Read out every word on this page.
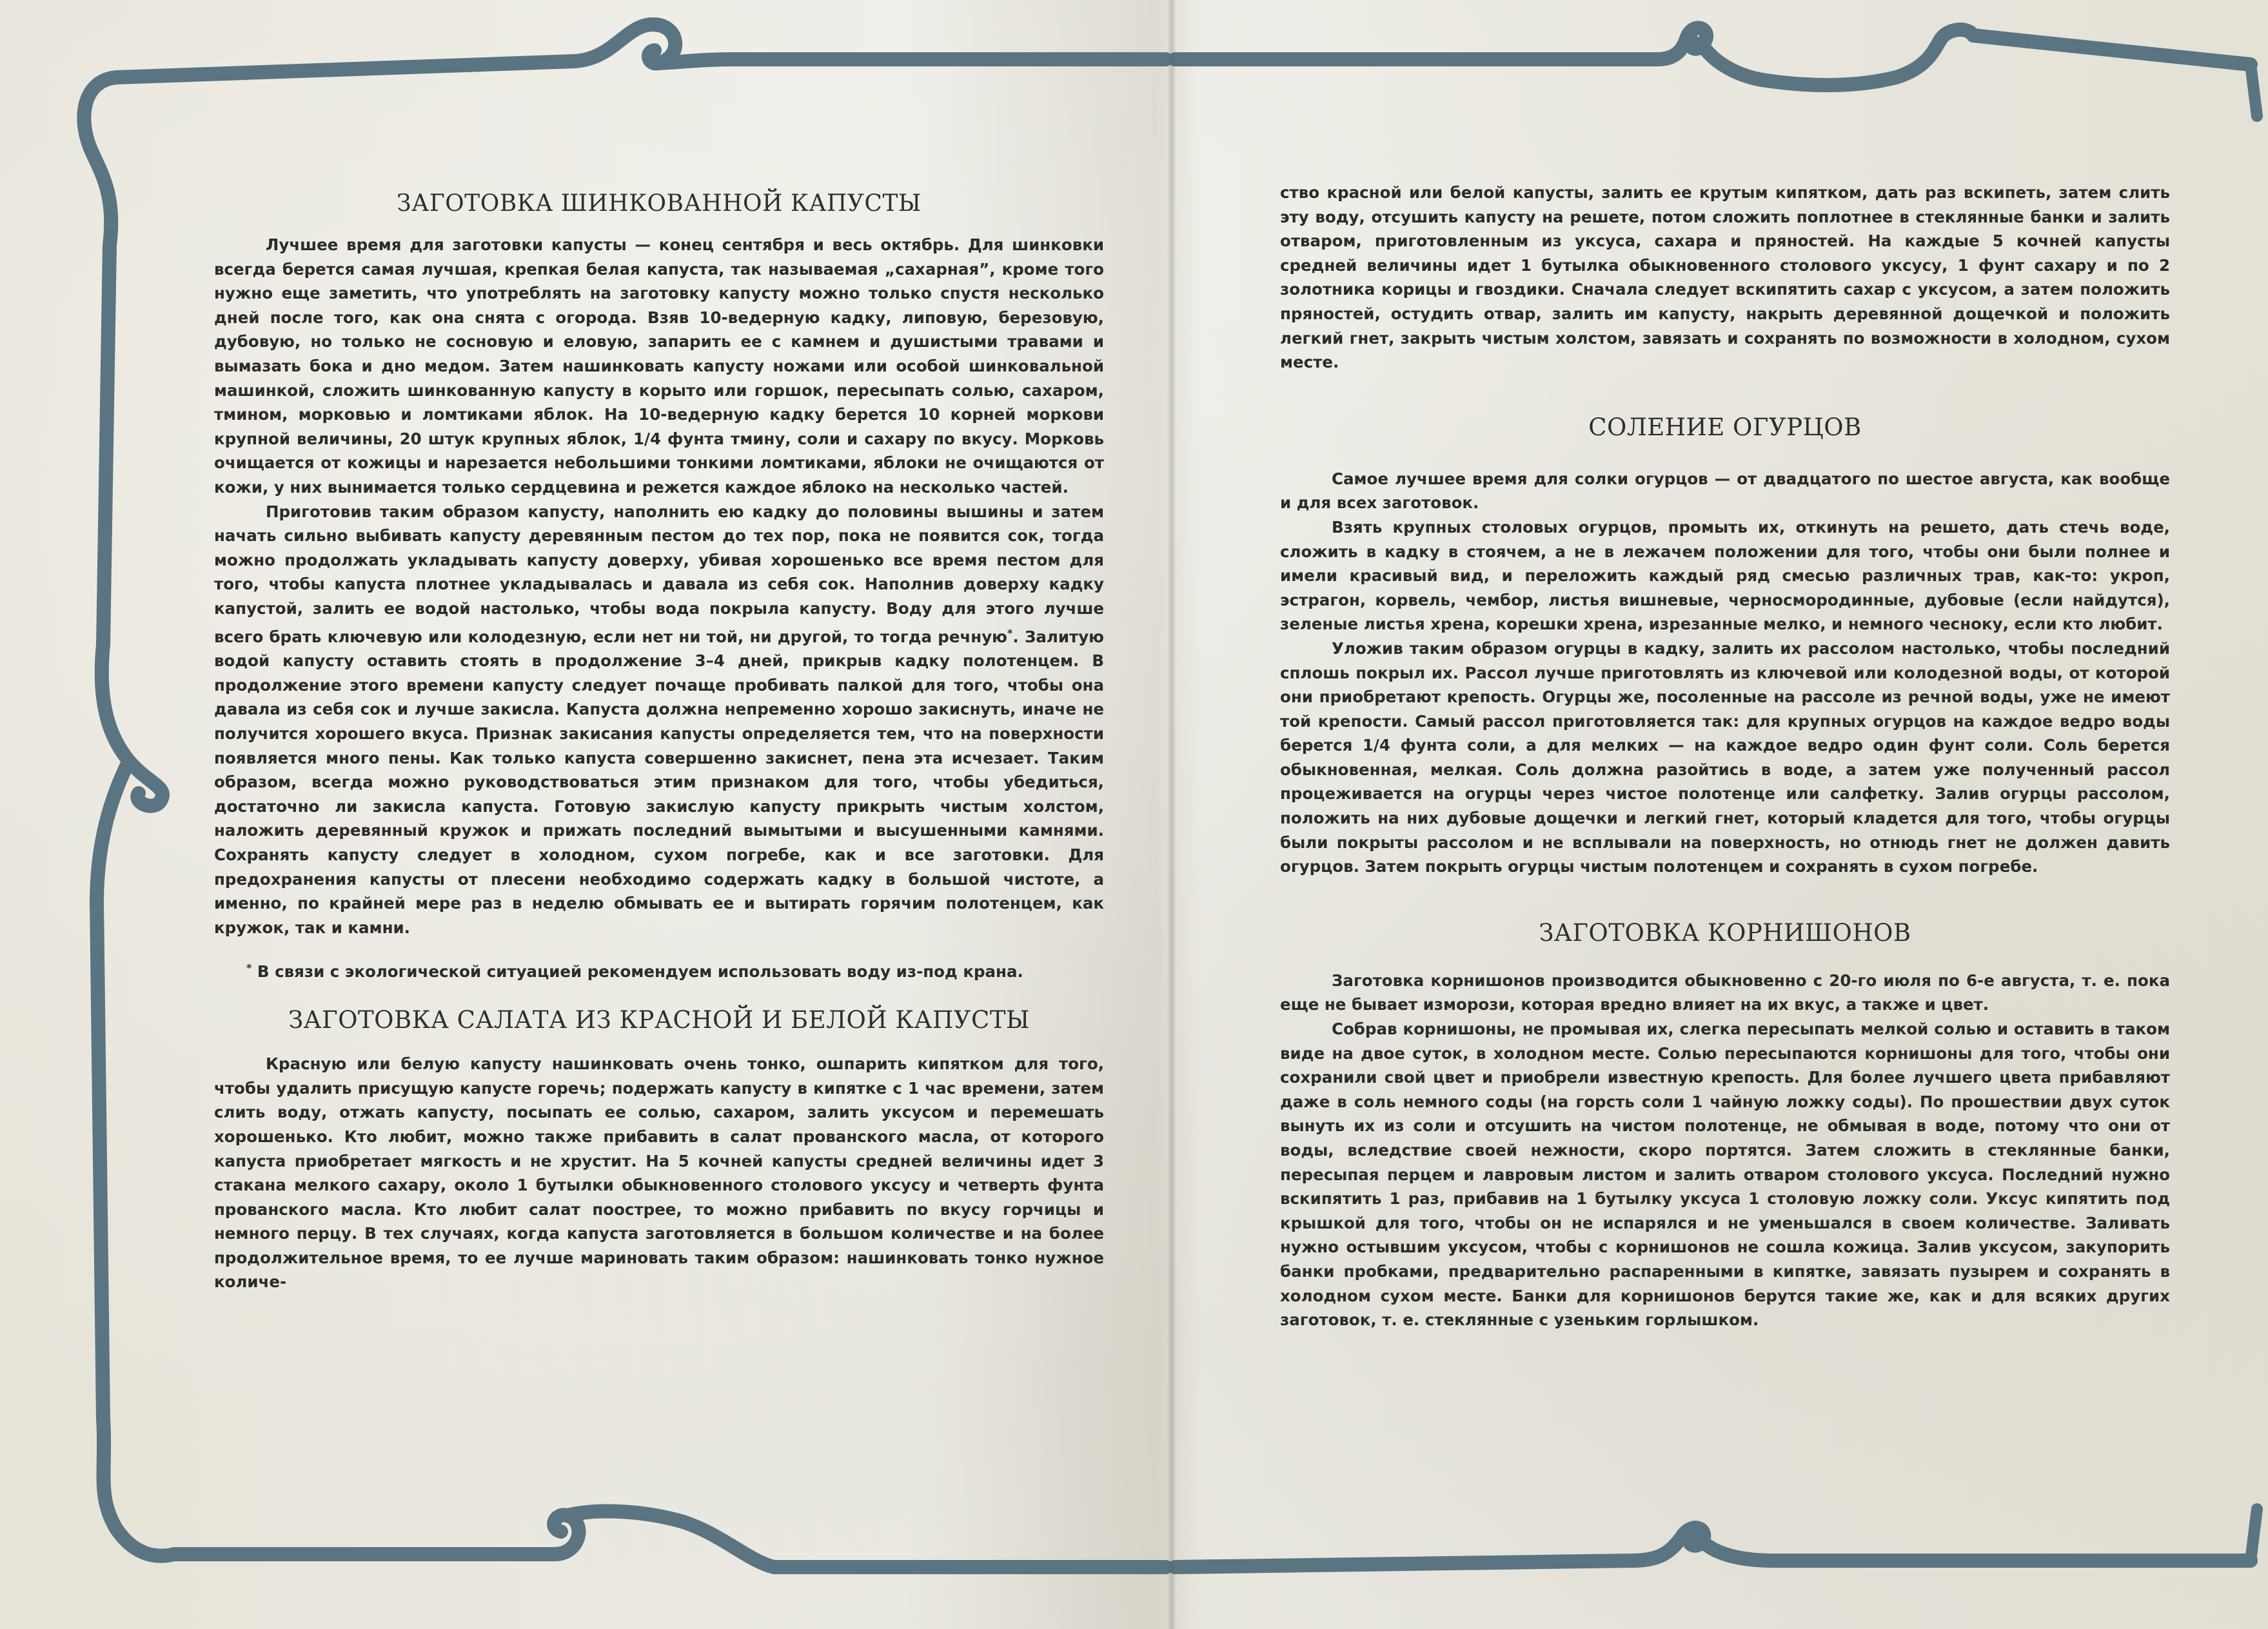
ЗАГОТОВКА ШИНКОВАННОЙ КАПУСТЫ

Лучшее время для заготовки капусты — конец сентября и весь октябрь. Для шинковки всегда берется самая лучшая, крепкая белая капуста, так называемая „сахарная”, кроме того нужно еще заметить, что употреблять на заготовку капусту можно только спустя несколько дней после того, как она снята с огорода. Взяв 10-ведерную кадку, липовую, березовую, дубовую, но только не сосновую и еловую, запарить ее с камнем и душистыми травами и вымазать бока и дно медом. Затем нашинковать капусту ножами или особой шинковальной машинкой, сложить шинкованную капусту в корыто или горшок, пересыпать солью, сахаром, тмином, морковью и ломтиками яблок. На 10-ведерную кадку берется 10 корней моркови крупной величины, 20 штук крупных яблок, 1/4 фунта тмину, соли и сахару по вкусу. Морковь очищается от кожицы и нарезается небольшими тонкими ломтиками, яблоки не очищаются от кожи, у них вынимается только сердцевина и режется каждое яблоко на несколько частей.

Приготовив таким образом капусту, наполнить ею кадку до половины вышины и затем начать сильно выбивать капусту деревянным пестом до тех пор, пока не появится сок, тогда можно продолжать укладывать капусту доверху, убивая хорошенько все время пестом для того, чтобы капуста плотнее укладывалась и давала из себя сок. Наполнив доверху кадку капустой, залить ее водой настолько, чтобы вода покрыла капусту. Воду для этого лучше всего брать ключевую или колодезную, если нет ни той, ни другой, то тогда речную*. Залитую водой капусту оставить стоять в продолжение 3–4 дней, прикрыв кадку полотенцем. В продолжение этого времени капусту следует почаще пробивать палкой для того, чтобы она давала из себя сок и лучше закисла. Капуста должна непременно хорошо закиснуть, иначе не получится хорошего вкуса. Признак закисания капусты определяется тем, что на поверхности появляется много пены. Как только капуста совершенно закиснет, пена эта исчезает. Таким образом, всегда можно руководствоваться этим признаком для того, чтобы убедиться, достаточно ли закисла капуста. Готовую закислую капусту прикрыть чистым холстом, наложить деревянный кружок и прижать последний вымытыми и высушенными камнями. Сохранять капусту следует в холодном, сухом погребе, как и все заготовки. Для предохранения капусты от плесени необходимо содержать кадку в большой чистоте, а именно, по крайней мере раз в неделю обмывать ее и вытирать горячим полотенцем, как кружок, так и камни.

* В связи с экологической ситуацией рекомендуем использовать воду из-под крана.

ЗАГОТОВКА САЛАТА ИЗ КРАСНОЙ И БЕЛОЙ КАПУСТЫ

Красную или белую капусту нашинковать очень тонко, ошпарить кипятком для того, чтобы удалить присущую капусте горечь; подержать капусту в кипятке с 1 час времени, затем слить воду, отжать капусту, посыпать ее солью, сахаром, залить уксусом и перемешать хорошенько. Кто любит, можно также прибавить в салат прованского масла, от которого капуста приобретает мягкость и не хрустит. На 5 кочней капусты средней величины идет 3 стакана мелкого сахару, около 1 бутылки обыкновенного столового уксусу и четверть фунта прованского масла. Кто любит салат поострее, то можно прибавить по вкусу горчицы и немного перцу. В тех случаях, когда капуста заготовляется в большом количестве и на более продолжительное время, то ее лучше мариновать таким образом: нашинковать тонко нужное количе-

ство красной или белой капусты, залить ее крутым кипятком, дать раз вскипеть, затем слить эту воду, отсушить капусту на решете, потом сложить поплотнее в стеклянные банки и залить отваром, приготовленным из уксуса, сахара и пряностей. На каждые 5 кочней капусты средней величины идет 1 бутылка обыкновенного столового уксусу, 1 фунт сахару и по 2 золотника корицы и гвоздики. Сначала следует вскипятить сахар с уксусом, а затем положить пряностей, остудить отвар, залить им капусту, накрыть деревянной дощечкой и положить легкий гнет, закрыть чистым холстом, завязать и сохранять по возможности в холодном, сухом месте.

СОЛЕНИЕ ОГУРЦОВ

Самое лучшее время для солки огурцов — от двадцатого по шестое августа, как вообще и для всех заготовок.

Взять крупных столовых огурцов, промыть их, откинуть на решето, дать стечь воде, сложить в кадку в стоячем, а не в лежачем положении для того, чтобы они были полнее и имели красивый вид, и переложить каждый ряд смесью различных трав, как-то: укроп, эстрагон, корвель, чембор, листья вишневые, черносмородинные, дубовые (если найдутся), зеленые листья хрена, корешки хрена, изрезанные мелко, и немного чесноку, если кто любит.

Уложив таким образом огурцы в кадку, залить их рассолом настолько, чтобы последний сплошь покрыл их. Рассол лучше приготовлять из ключевой или колодезной воды, от которой они приобретают крепость. Огурцы же, посоленные на рассоле из речной воды, уже не имеют той крепости. Самый рассол приготовляется так: для крупных огурцов на каждое ведро воды берется 1/4 фунта соли, а для мелких — на каждое ведро один фунт соли. Соль берется обыкновенная, мелкая. Соль должна разойтись в воде, а затем уже полученный рассол процеживается на огурцы через чистое полотенце или салфетку. Залив огурцы рассолом, положить на них дубовые дощечки и легкий гнет, который кладется для того, чтобы огурцы были покрыты рассолом и не всплывали на поверхность, но отнюдь гнет не должен давить огурцов. Затем покрыть огурцы чистым полотенцем и сохранять в сухом погребе.

ЗАГОТОВКА КОРНИШОНОВ

Заготовка корнишонов производится обыкновенно с 20-го июля по 6-е августа, т. е. пока еще не бывает изморози, которая вредно влияет на их вкус, а также и цвет.

Собрав корнишоны, не промывая их, слегка пересыпать мелкой солью и оставить в таком виде на двое суток, в холодном месте. Солью пересыпаются корнишоны для того, чтобы они сохранили свой цвет и приобрели известную крепость. Для более лучшего цвета прибавляют даже в соль немного соды (на горсть соли 1 чайную ложку соды). По прошествии двух суток вынуть их из соли и отсушить на чистом полотенце, не обмывая в воде, потому что они от воды, вследствие своей нежности, скоро портятся. Затем сложить в стеклянные банки, пересыпая перцем и лавровым листом и залить отваром столового уксуса. Последний нужно вскипятить 1 раз, прибавив на 1 бутылку уксуса 1 столовую ложку соли. Уксус кипятить под крышкой для того, чтобы он не испарялся и не уменьшался в своем количестве. Заливать нужно остывшим уксусом, чтобы с корнишонов не сошла кожица. Залив уксусом, закупорить банки пробками, предварительно распаренными в кипятке, завязать пузырем и сохранять в холодном сухом месте. Банки для корнишонов берутся такие же, как и для всяких других заготовок, т. е. стеклянные с узеньким горлышком.
